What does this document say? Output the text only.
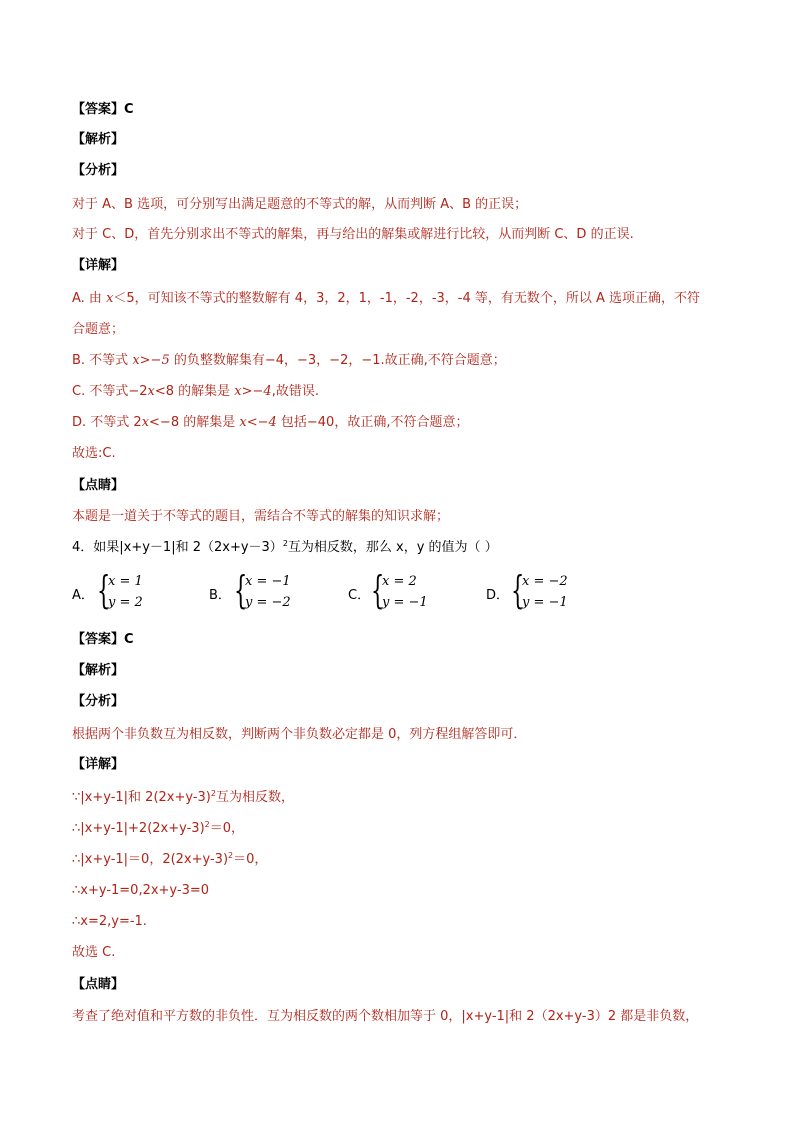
【答案】C
【解析】
【分析】
对于 A、B 选项，可分别写出满足题意的不等式的解，从而判断 A、B 的正误；
对于 C、D，首先分别求出不等式的解集，再与给出的解集或解进行比较，从而判断 C、D 的正误.
【详解】
A. 由 x＜5，可知该不等式的整数解有 4，3，2，1，-1，-2，-3，-4 等，有无数个，所以 A 选项正确，不符
合题意；
B. 不等式 x>−5 的负整数解集有−4，−3，−2，−1.故正确,不符合题意；
C. 不等式−2x<8 的解集是 x>−4,故错误.
D. 不等式 2x<−8 的解集是 x<−4 包括−40，故正确,不符合题意；
故选:C.
【点睛】
本题是一道关于不等式的题目，需结合不等式的解集的知识求解；
4．如果|x+y－1|和 $2(2x+y-3)^2$互为相反数，那么 x，y 的值为（ ）
A． {
x = 1
y = 2	B． {
x = −1
y = −2	C． {
x = 2
y = −1	D． {
x = −2
y = −1
【答案】C
【解析】
【分析】
根据两个非负数互为相反数，判断两个非负数必定都是 0，列方程组解答即可．
【详解】
∵|x+y-1|和 $2(2x+y-3)^2$互为相反数，
$\therefore|x+y-1|+2(2x+y-3)^2=0$，
∴|x+y-1|＝0，$2(2x+y-3)^2=0$，
∴x+y-1=0,2x+y-3=0
∴x=2,y=-1.
故选 C.
【点睛】
考查了绝对值和平方数的非负性．互为相反数的两个数相加等于 0，|x+y-1|和 2（2x+y-3）2 都是非负数，
